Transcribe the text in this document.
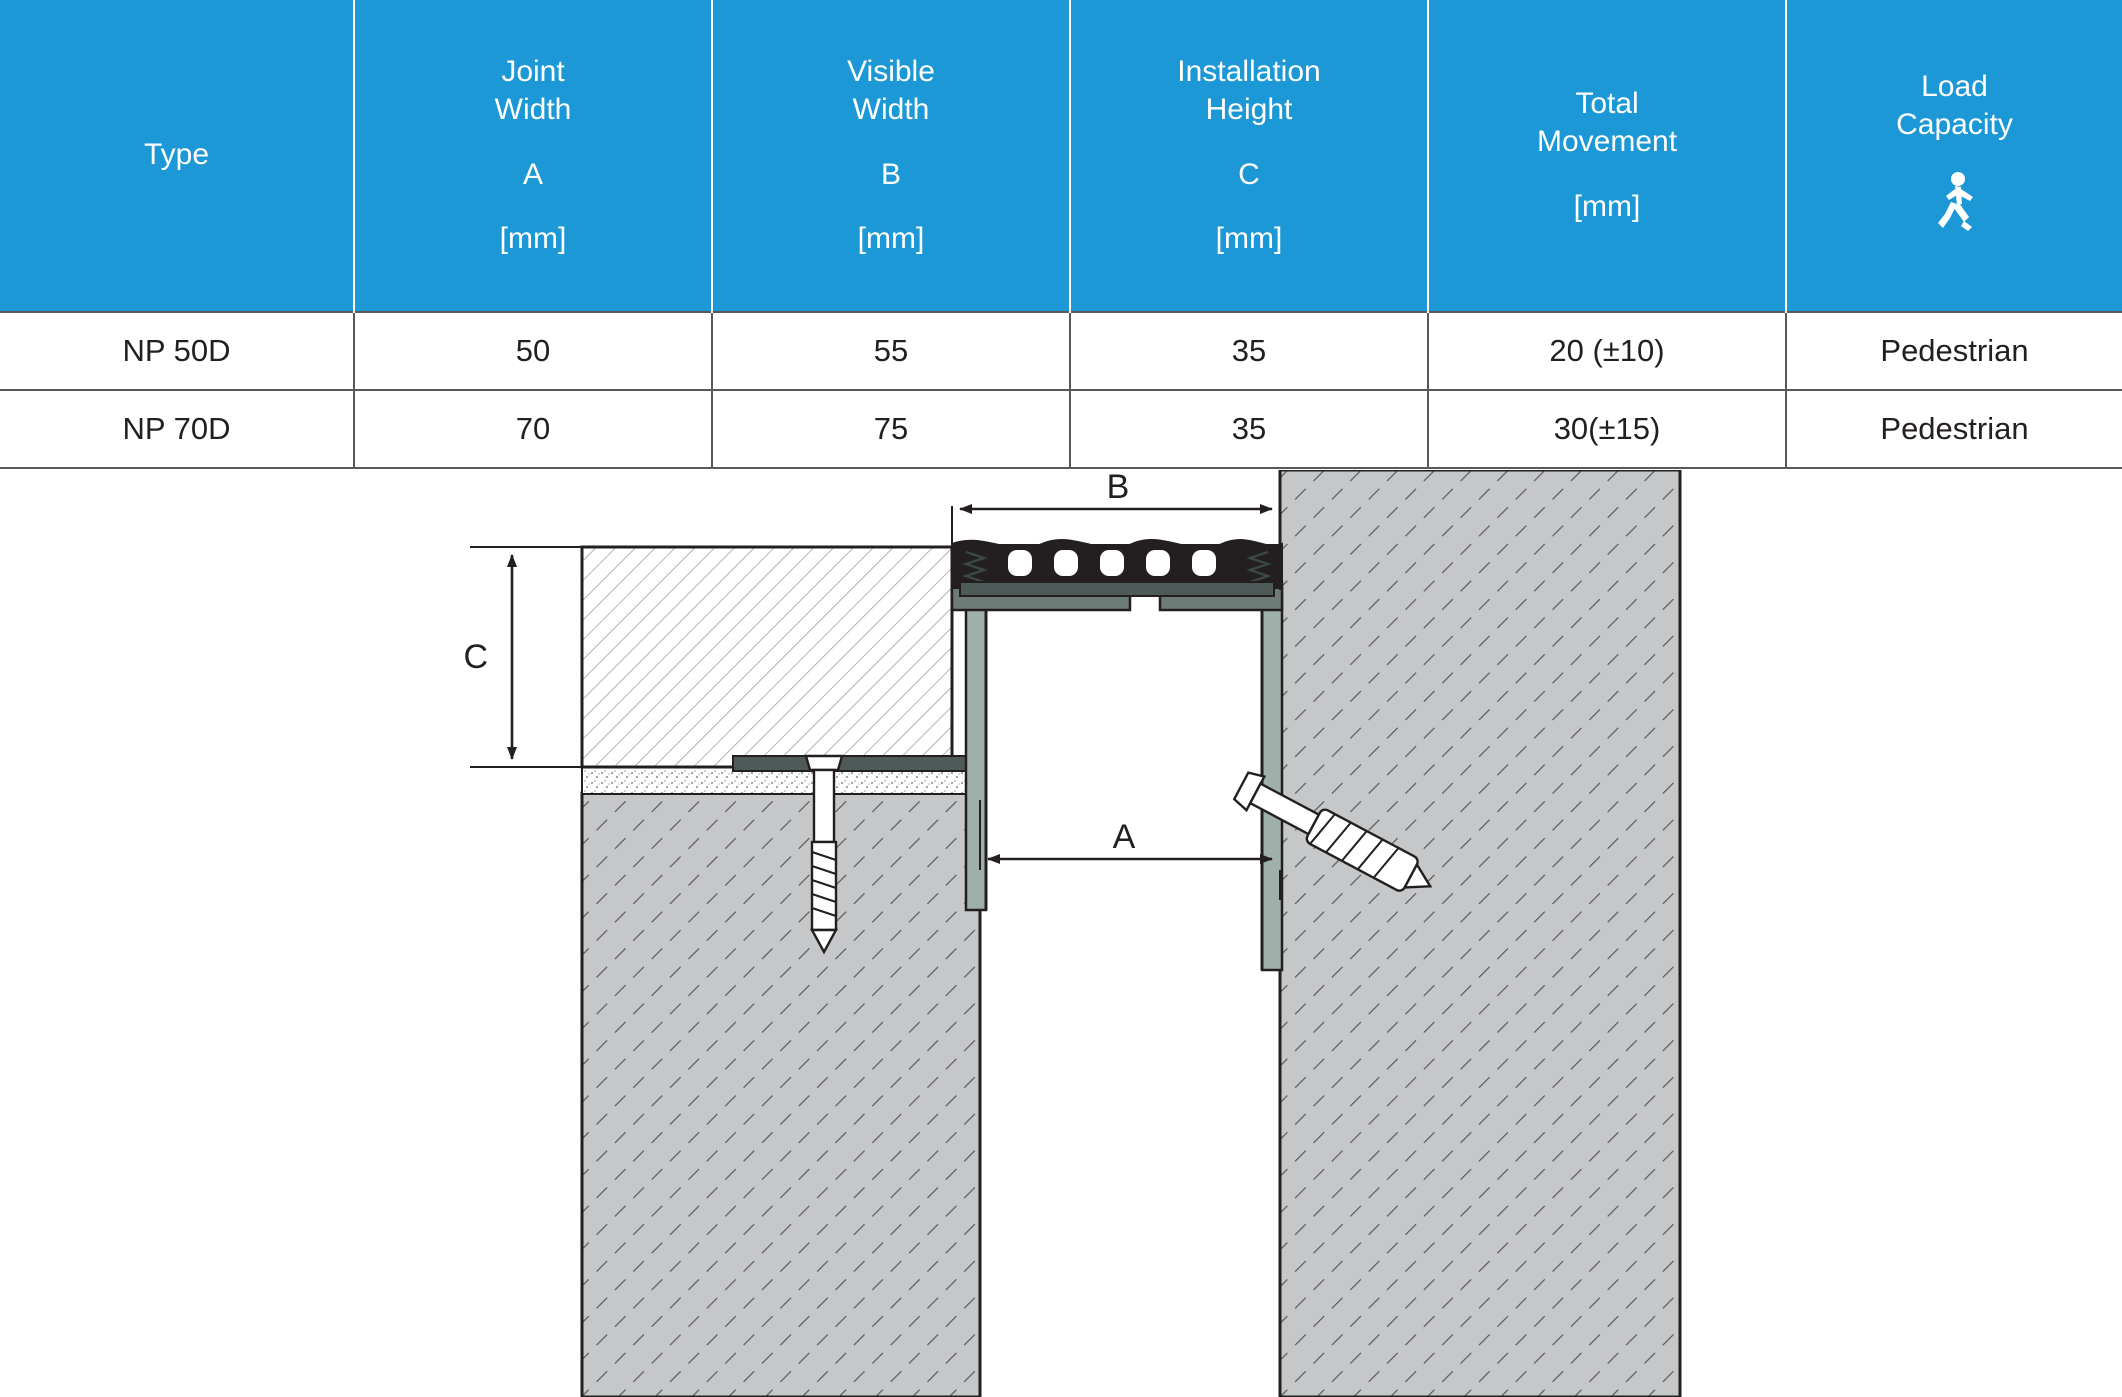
Type	Joint
Width
A
[mm]	Visible
Width
B
[mm]	Installation
Height
C
[mm]	Total
Movement
[mm]	Load
Capacity

NP 50D	50	55	35	20 (±10)	Pedestrian
NP 70D	70	75	35	30(±15)	Pedestrian
B
C
A
